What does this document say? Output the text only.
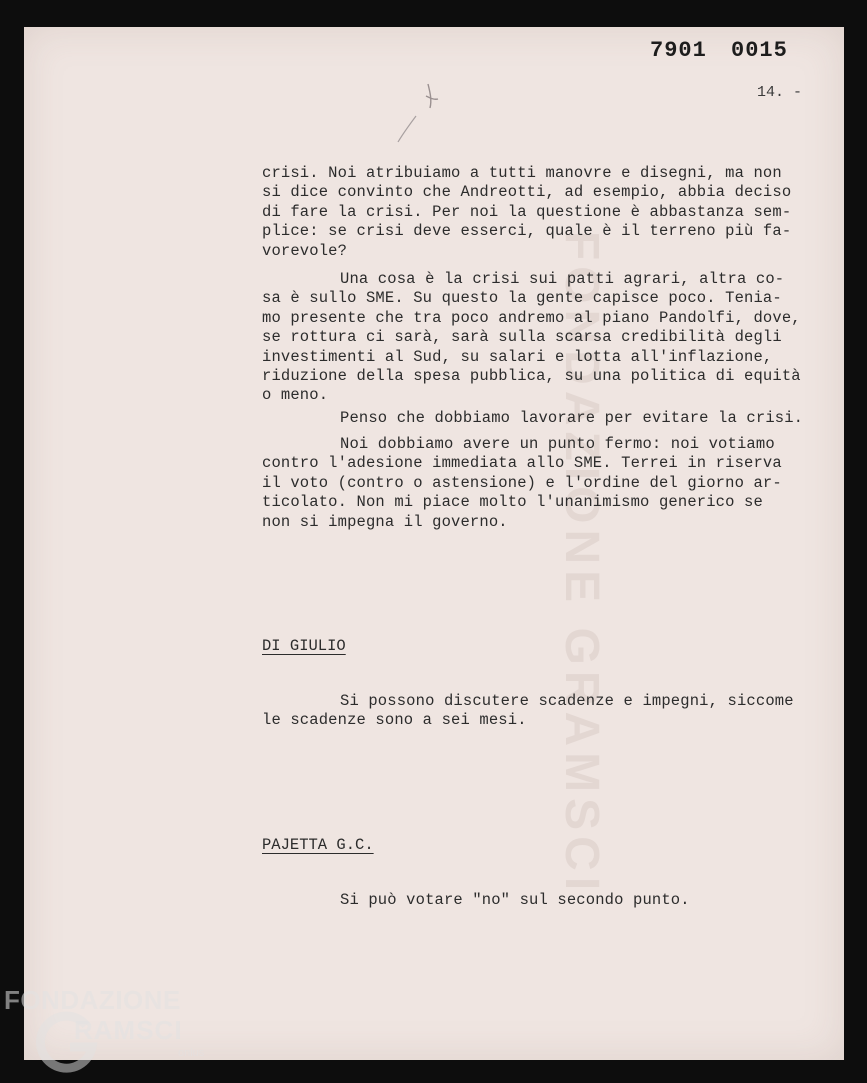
FONDAZIONE GRAMSCI
7901 0015
14. -
crisi. Noi atribuiamo a tutti manovre e disegni, ma non
si dice convinto che Andreotti, ad esempio, abbia deciso
di fare la crisi. Per noi la questione è abbastanza sem-
plice: se crisi deve esserci, quale è il terreno più fa-
vorevole?
Una cosa è la crisi sui patti agrari, altra co-
sa è sullo SME. Su questo la gente capisce poco. Tenia-
mo presente che tra poco andremo al piano Pandolfi, dove,
se rottura ci sarà, sarà sulla scarsa credibilità degli
investimenti al Sud, su salari e lotta all'inflazione,
riduzione della spesa pubblica, su una politica di equità
o meno.
Penso che dobbiamo lavorare per evitare la crisi.
Noi dobbiamo avere un punto fermo: noi votiamo
contro l'adesione immediata allo SME. Terrei in riserva
il voto (contro o astensione) e l'ordine del giorno ar-
ticolato. Non mi piace molto l'unanimismo generico se
non si impegna il governo.
DI GIULIO
Si possono discutere scadenze e impegni, siccome
le scadenze sono a sei mesi.
PAJETTA G.C.
Si può votare "no" sul secondo punto.
FONDAZIONE
RAMSCI
onlus
